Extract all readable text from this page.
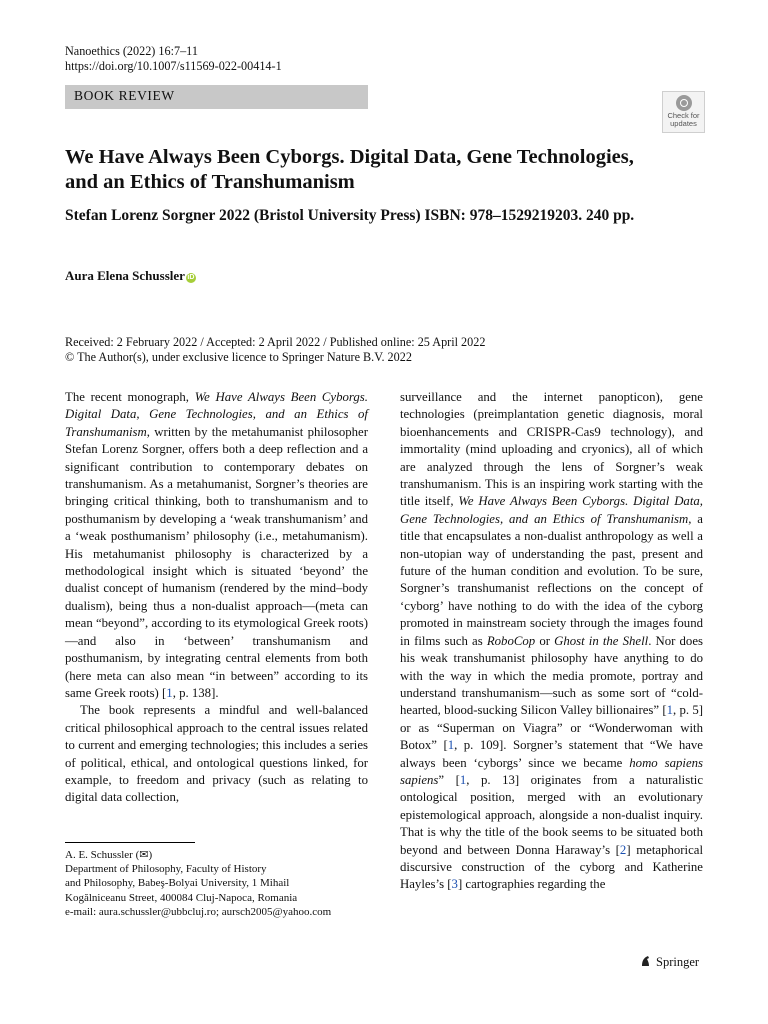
Nanoethics (2022) 16:7–11
https://doi.org/10.1007/s11569-022-00414-1
BOOK REVIEW
Check for updates
We Have Always Been Cyborgs. Digital Data, Gene Technologies, and an Ethics of Transhumanism
Stefan Lorenz Sorgner 2022 (Bristol University Press) ISBN: 978–1529219203. 240 pp.
Aura Elena Schussler iD
Received: 2 February 2022 / Accepted: 2 April 2022 / Published online: 25 April 2022
© The Author(s), under exclusive licence to Springer Nature B.V. 2022

The recent monograph, We Have Always Been Cyborgs. Digital Data, Gene Technologies, and an Ethics of Transhumanism, written by the metahumanist philosopher Stefan Lorenz Sorgner, offers both a deep reflection and a significant contribution to contemporary debates on transhumanism. As a metahumanist, Sorgner’s theories are bringing critical thinking, both to transhumanism and to posthumanism by developing a ‘weak transhumanism’ and a ‘weak posthumanism’ philosophy (i.e., metahumanism). His metahumanist philosophy is characterized by a methodological insight which is situated ‘beyond’ the dualist concept of humanism (rendered by the mind–body dualism), being thus a non-dualist approach—(meta can mean “beyond”, according to its etymological Greek roots)—and also in ‘between’ transhumanism and posthumanism, by integrating central elements from both (here meta can also mean “in between” according to its same Greek roots) [1, p. 138].

The book represents a mindful and well-balanced critical philosophical approach to the central issues related to current and emerging technologies; this includes a series of political, ethical, and ontological questions linked, for example, to freedom and privacy (such as relating to digital data collection,

surveillance and the internet panopticon), gene technologies (preimplantation genetic diagnosis, moral bioenhancements and CRISPR-Cas9 technology), and immortality (mind uploading and cryonics), all of which are analyzed through the lens of Sorgner’s weak transhumanism. This is an inspiring work starting with the title itself, We Have Always Been Cyborgs. Digital Data, Gene Technologies, and an Ethics of Transhumanism, a title that encapsulates a non-dualist anthropology as well a non-utopian way of understanding the past, present and future of the human condition and evolution. To be sure, Sorgner’s transhumanist reflections on the concept of ‘cyborg’ have nothing to do with the idea of the cyborg promoted in mainstream society through the images found in films such as RoboCop or Ghost in the Shell. Nor does his weak transhumanist philosophy have anything to do with the way in which the media promote, portray and understand transhumanism—such as some sort of “cold-hearted, blood-sucking Silicon Valley billionaires” [1, p. 5] or as “Superman on Viagra” or “Wonderwoman with Botox” [1, p. 109]. Sorgner’s statement that “We have always been ‘cyborgs’ since we became homo sapiens sapiens” [1, p. 13] originates from a naturalistic ontological position, merged with an evolutionary epistemological approach, alongside a non-dualist inquiry. That is why the title of the book seems to be situated both beyond and between Donna Haraway’s [2] metaphorical discursive construction of the cyborg and Katherine Hayles’s [3] cartographies regarding the

A. E. Schussler (✉)
Department of Philosophy, Faculty of History
and Philosophy, Babeş-Bolyai University, 1 Mihail
Kogălniceanu Street, 400084 Cluj-Napoca, Romania
e-mail: aura.schussler@ubbcluj.ro; aursch2005@yahoo.com
Springer
